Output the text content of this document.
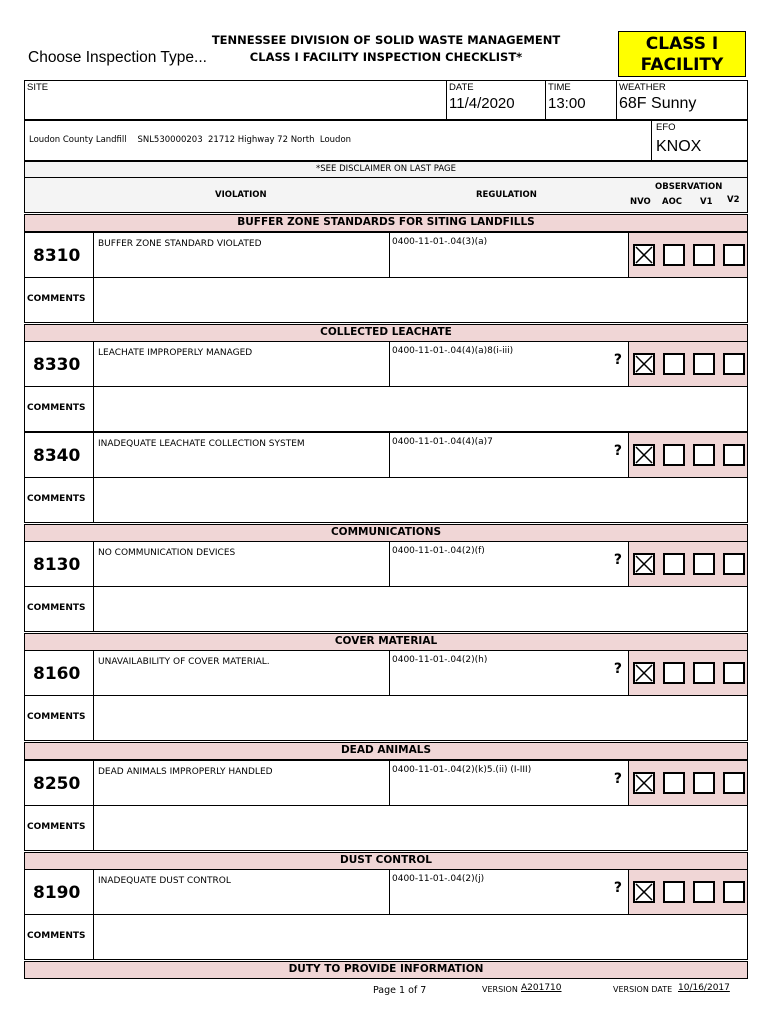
TENNESSEE DIVISION OF SOLID WASTE MANAGEMENT
CLASS I FACILITY INSPECTION CHECKLIST*
Choose Inspection Type...
CLASS I
FACILITY
SITE	DATE
11/4/2020
TIME
13:00
WEATHER
68F Sunny
Loudon County Landfill    SNL530000203  21712 Highway 72 North  Loudon
EFO
KNOX
*SEE DISCLAIMER ON LAST PAGE
VIOLATION	REGULATION
OBSERVATION
NVO AOC V1 V2
BUFFER ZONE STANDARDS FOR SITING LANDFILLS
8310
BUFFER ZONE STANDARD VIOLATED	0400-11-01-.04(3)(a)
COMMENTS
COLLECTED LEACHATE
8330
LEACHATE IMPROPERLY MANAGED	0400-11-01-.04(4)(a)8(i-iii)
?
COMMENTS
8340
INADEQUATE LEACHATE COLLECTION SYSTEM	0400-11-01-.04(4)(a)7
?
COMMENTS
COMMUNICATIONS
8130
NO COMMUNICATION DEVICES	0400-11-01-.04(2)(f)
?
COMMENTS
COVER MATERIAL
8160
UNAVAILABILITY OF COVER MATERIAL.	0400-11-01-.04(2)(h)
?
COMMENTS
DEAD ANIMALS
8250
DEAD ANIMALS IMPROPERLY HANDLED	0400-11-01-.04(2)(k)5.(ii) (I-III)
?
COMMENTS
DUST CONTROL
8190
INADEQUATE DUST CONTROL	0400-11-01-.04(2)(j)
?
COMMENTS
DUTY TO PROVIDE INFORMATION
Page 1 of 7	VERSION A201710	VERSION DATE 10/16/2017
